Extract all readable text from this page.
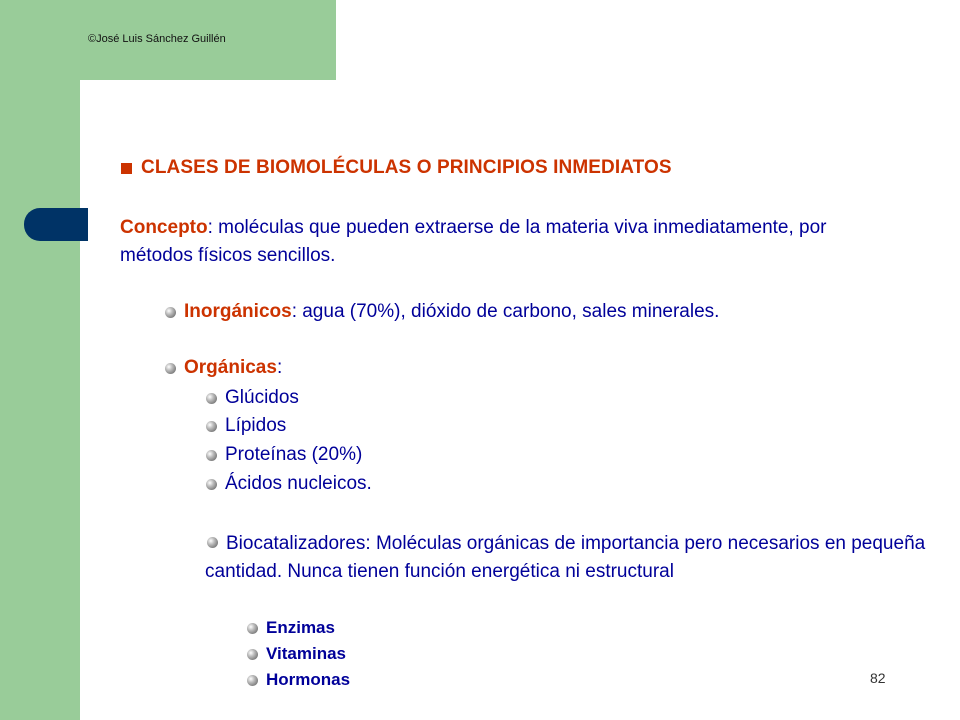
©José Luis Sánchez Guillén
CLASES DE BIOMOLÉCULAS O PRINCIPIOS INMEDIATOS
Concepto: moléculas que pueden extraerse de la materia viva inmediatamente, por métodos físicos sencillos.
Inorgánicos: agua (70%), dióxido de carbono, sales minerales.
Orgánicas:
Glúcidos
Lípidos
Proteínas (20%)
Ácidos nucleicos.
Biocatalizadores: Moléculas orgánicas de importancia pero necesarios en pequeña cantidad. Nunca tienen función energética ni estructural
Enzimas
Vitaminas
Hormonas	82
